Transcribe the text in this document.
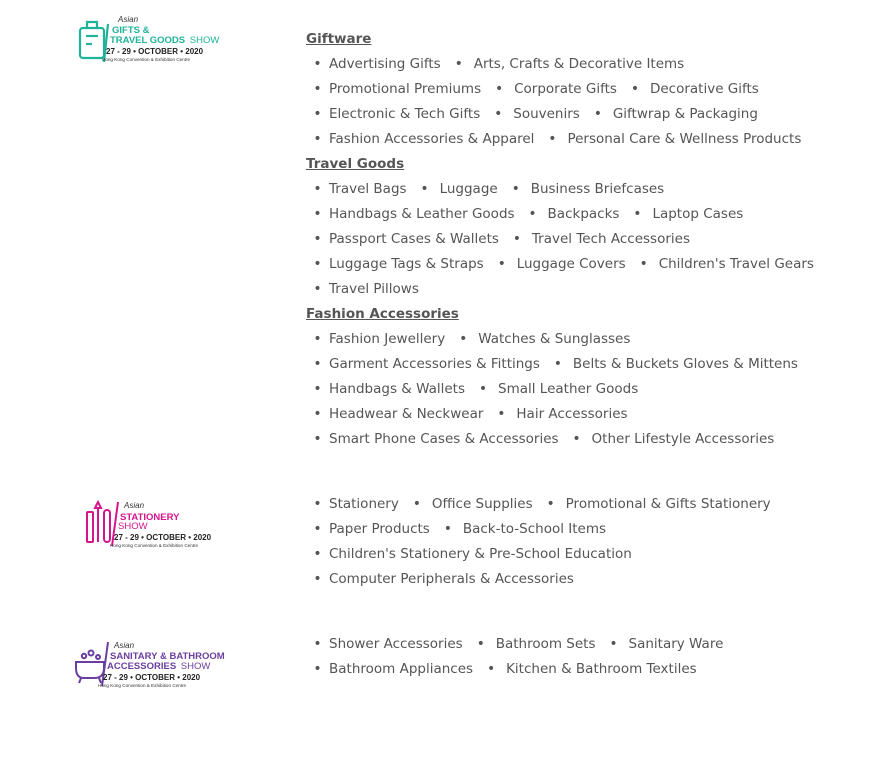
Asian
GIFTS &
TRAVEL GOODS SHOW
27 - 29 • OCTOBER • 2020
Hong Kong Convention & Exhibition Centre
Asian
STATIONERY
SHOW
27 - 29 • OCTOBER • 2020
Hong Kong Convention & Exhibition Centre
Asian
SANITARY & BATHROOM
ACCESSORIES SHOW
27 - 29 • OCTOBER • 2020
Hong Kong Convention & Exhibition Centre
Giftware
• Advertising Gifts • Arts, Crafts & Decorative Items
• Promotional Premiums • Corporate Gifts • Decorative Gifts
• Electronic & Tech Gifts • Souvenirs • Giftwrap & Packaging
• Fashion Accessories & Apparel • Personal Care & Wellness Products
Travel Goods
• Travel Bags • Luggage • Business Briefcases
• Handbags & Leather Goods • Backpacks • Laptop Cases
• Passport Cases & Wallets • Travel Tech Accessories
• Luggage Tags & Straps • Luggage Covers • Children's Travel Gears
• Travel Pillows
Fashion Accessories
• Fashion Jewellery • Watches & Sunglasses
• Garment Accessories & Fittings • Belts & Buckets Gloves & Mittens
• Handbags & Wallets • Small Leather Goods
• Headwear & Neckwear • Hair Accessories
• Smart Phone Cases & Accessories • Other Lifestyle Accessories
• Stationery • Office Supplies • Promotional & Gifts Stationery
• Paper Products • Back-to-School Items
• Children's Stationery & Pre-School Education
• Computer Peripherals & Accessories
• Shower Accessories • Bathroom Sets • Sanitary Ware
• Bathroom Appliances • Kitchen & Bathroom Textiles
